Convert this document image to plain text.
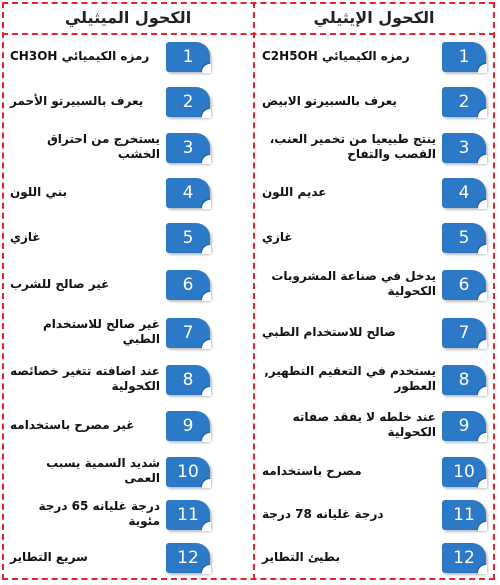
الكحول الإيثيلي
الكحول الميثيلي
رمزه الكيميائي C2H5OH	1
يعرف بالسبيرتو الابيض	2
ينتج طبيعيا من تخمير العنب، القصب والتفاح 3
عديم اللون	4
غازي	5
يدخل في صناعة المشروبات الكحولية 6
صالح للاستخدام الطبي	7
يستخدم في التعقيم التطهير, العطور 8
عند خلطه لا يفقد صفاته الكحولية 9
مصرح باستخدامه	10
درجة غليانه 78 درجة	11
بطيئ التطاير	12
رمزه الكيميائي CH3OH 1
يعرف بالسبيرتو الأحمر 2
يستخرج من احتراق الخشب 3
بني اللون	4
غازي	5
غير صالح للشرب	6
غير صالح للاستخدام الطبي 7
عند اضافته تتغير خصائصه الكحولية 8
غير مصرح باستخدامه	9
شديد السمية يسبب العمى 10
درجة غليانه 65 درجة مئوية 11
سريع التطاير	12
